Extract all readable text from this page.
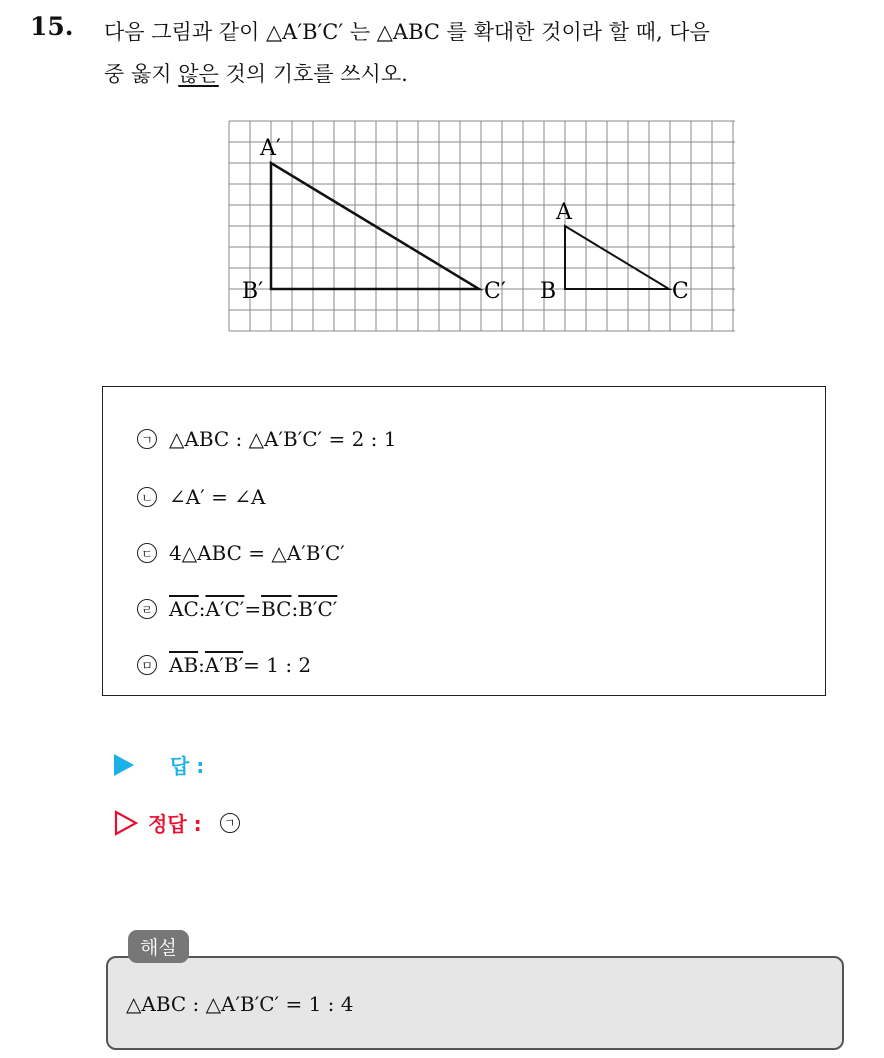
15. 다음 그림과 같이 △A′B′C′ 는 △ABC 를 확대한 것이라 할 때, 다음
중 옳지 않은 것의 기호를 쓰시오.
A′
B′	C′
A
B	C
ㄱ △ABC : △A′B′C′ = 2 : 1
ㄴ ∠A′ = ∠A
ㄷ 4△ABC = △A′B′C′
ㄹ $\overline{AC}$ : $A'C' = \overline{BC}$ : B′C′
ㅁ $\overline{AB}$ : A′B′ = 1 : 2
답 :
정답 :	ㄱ
△ABC : △A′B′C′ = 1 : 4
해설
